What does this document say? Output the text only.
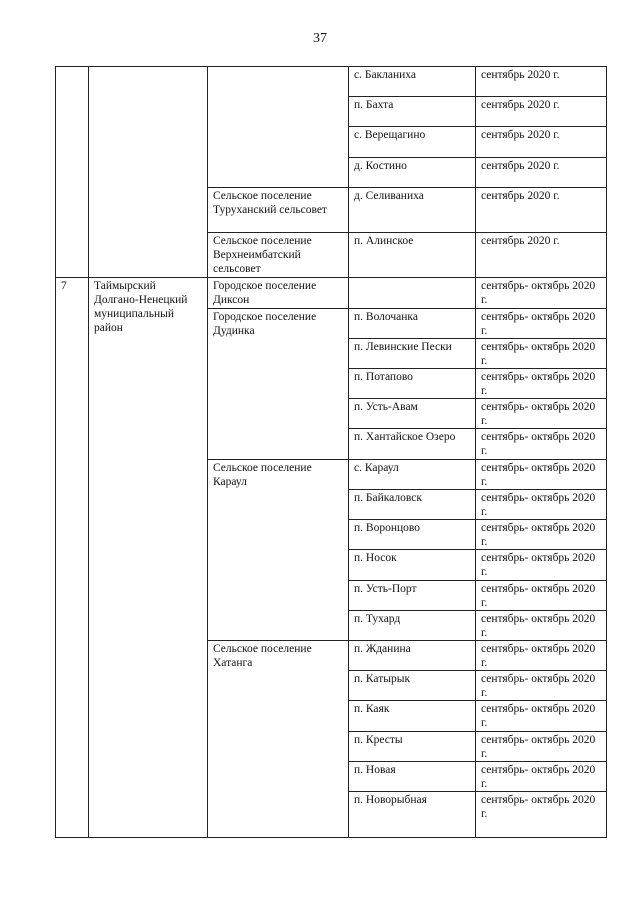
37
			с. Бакланиха	сентябрь 2020 г.
			п. Бахта	сентябрь 2020 г.
			с. Верещагино	сентябрь 2020 г.
			д. Костино	сентябрь 2020 г.
		Сельское поселение Туруханский сельсовет	д. Селиваниха	сентябрь 2020 г.
		Сельское поселение Верхнеимбатский сельсовет	п. Алинское	сентябрь 2020 г.
7	Таймырский Долгано-Ненецкий муниципальный район	Городское поселение Диксон		сентябрь- октябрь 2020 г.
		Городское поселение Дудинка	п. Волочанка	сентябрь- октябрь 2020 г.
			п. Левинские Пески	сентябрь- октябрь 2020 г.
			п. Потапово	сентябрь- октябрь 2020 г.
			п. Усть-Авам	сентябрь- октябрь 2020 г.
			п. Хантайское Озеро	сентябрь- октябрь 2020 г.
		Сельское поселение Караул	с. Караул	сентябрь- октябрь 2020 г.
			п. Байкаловск	сентябрь- октябрь 2020 г.
			п. Воронцово	сентябрь- октябрь 2020 г.
			п. Носок	сентябрь- октябрь 2020 г.
			п. Усть-Порт	сентябрь- октябрь 2020 г.
			п. Тухард	сентябрь- октябрь 2020 г.
		Сельское поселение Хатанга	п. Жданина	сентябрь- октябрь 2020 г.
			п. Катырык	сентябрь- октябрь 2020 г.
			п. Каяк	сентябрь- октябрь 2020 г.
			п. Кресты	сентябрь- октябрь 2020 г.
			п. Новая	сентябрь- октябрь 2020 г.
			п. Новорыбная	сентябрь- октябрь 2020 г.
